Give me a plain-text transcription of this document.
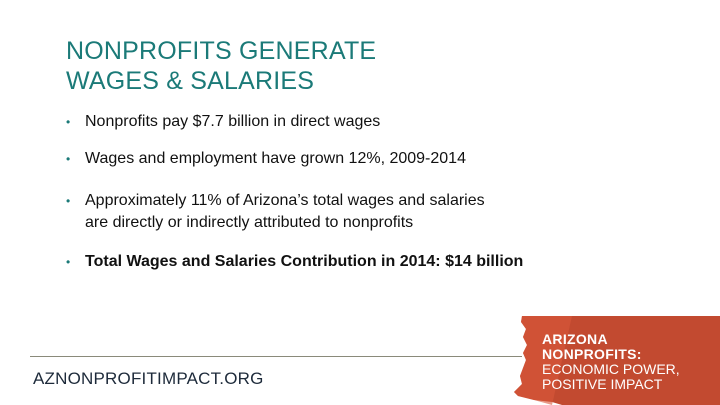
NONPROFITS GENERATE
WAGES & SALARIES
• Nonprofits pay $7.7 billion in direct wages
• Wages and employment have grown 12%, 2009-2014
• Approximately 11% of Arizona’s total wages and salaries
are directly or indirectly attributed to nonprofits
• Total Wages and Salaries Contribution in 2014: $14 billion

AZNONPROFITIMPACT.ORG

ARIZONA
NONPROFITS:
ECONOMIC POWER,
POSITIVE IMPACT
